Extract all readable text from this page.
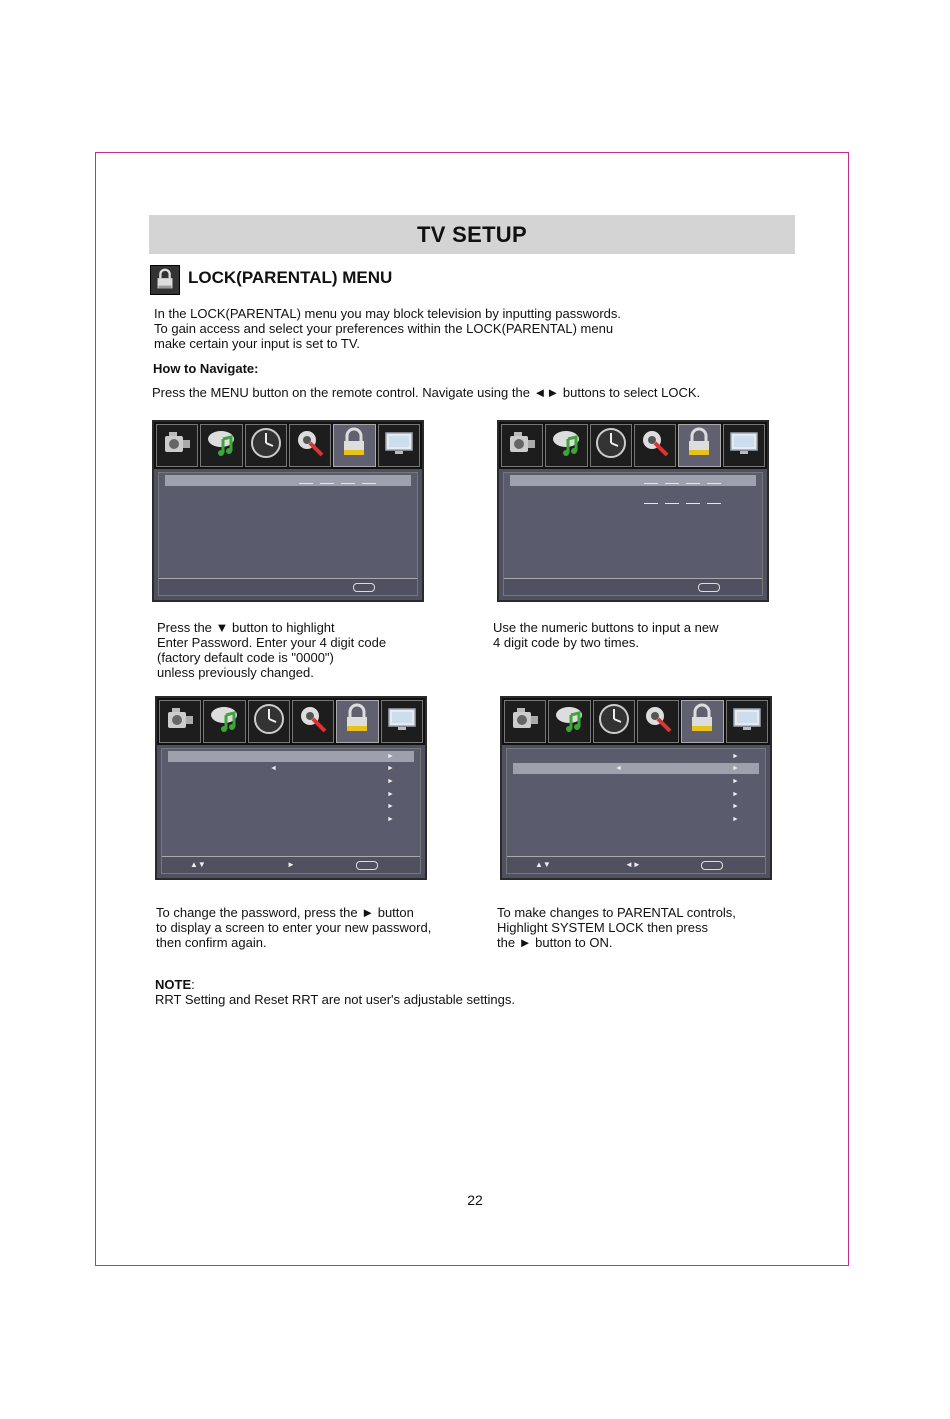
TV SETUP
LOCK(PARENTAL) MENU
In the LOCK(PARENTAL) menu you may block television by inputting passwords.
To gain access and select your preferences within the LOCK(PARENTAL) menu
make certain your input is set to TV.
How to Navigate:
Press the MENU button on the remote control. Navigate using the ◄► buttons to select LOCK.
Press the ▼ button to highlight
Enter Password. Enter your 4 digit code
(factory default code is "0000")
unless previously changed.
Use the numeric buttons to input a new
4 digit code by two times.
►
◄	►
►
►
►
►
▲▼	►
►
◄	►
►
►
►
►
▲▼	◄►
To change the password, press the ► button
to display a screen to enter your new password,
then confirm again.
To make changes to PARENTAL controls,
Highlight SYSTEM LOCK then press
the ► button to ON.
NOTE:
RRT Setting and Reset RRT are not user's adjustable settings.
22
